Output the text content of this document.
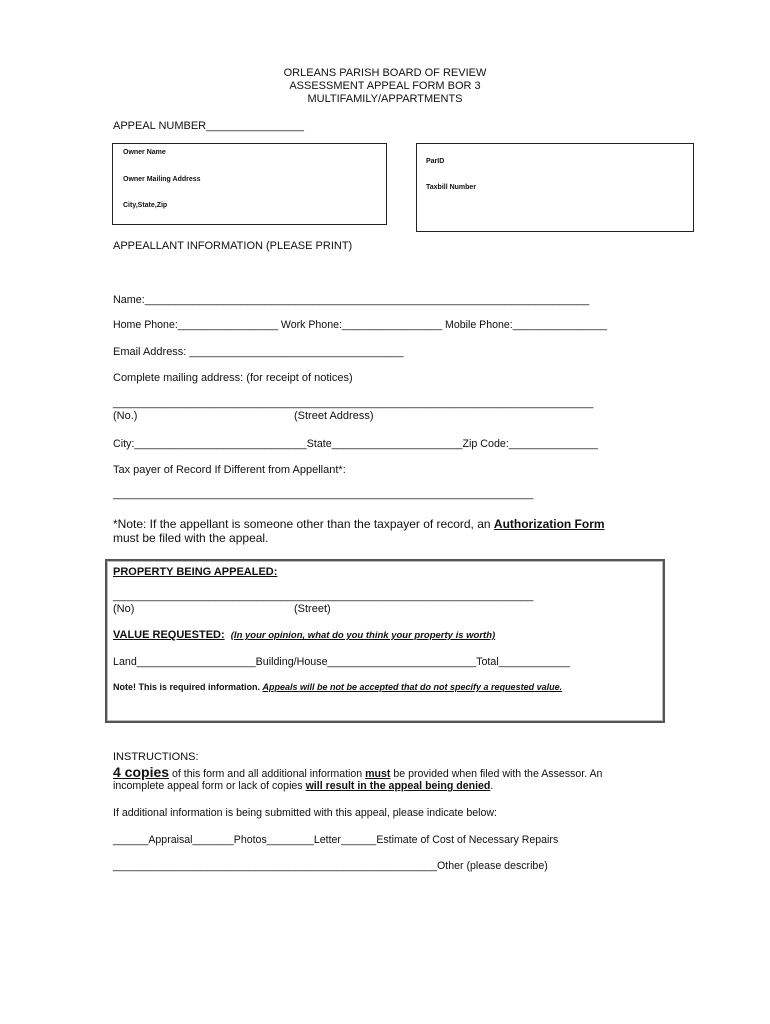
ORLEANS PARISH BOARD OF REVIEW
ASSESSMENT APPEAL FORM BOR 3
MULTIFAMILY/APPARTMENTS
APPEAL NUMBER________________
Owner Name
Owner Mailing Address
City,State,Zip
ParID
Taxbill Number
APPEALLANT INFORMATION (PLEASE PRINT)
Name:__________________________________________________________________________
Home Phone:_________________ Work Phone:_________________ Mobile Phone:________________
Email Address: ___________________________________
Complete mailing address: (for receipt of notices)
________________________________________________________________________________
(No.)	(Street Address)
City:_____________________________State______________________Zip Code:_______________
Tax payer of Record If Different from Appellant*:
______________________________________________________________________
*Note: If the appellant is someone other than the taxpayer of record, an Authorization Form
must be filed with the appeal.
PROPERTY BEING APPEALED:
______________________________________________________________________
(No)	(Street)
VALUE REQUESTED: (In your opinion, what do you think your property is worth)
Land____________________Building/House_________________________Total____________
Note! This is required information. Appeals will be not be accepted that do not specify a requested value.
INSTRUCTIONS:
4 copies of this form and all additional information must be provided when filed with the Assessor. An
incomplete appeal form or lack of copies will result in the appeal being denied.
If additional information is being submitted with this appeal, please indicate below:
______Appraisal_______Photos________Letter______Estimate of Cost of Necessary Repairs
_______________________________________________________Other (please describe)
